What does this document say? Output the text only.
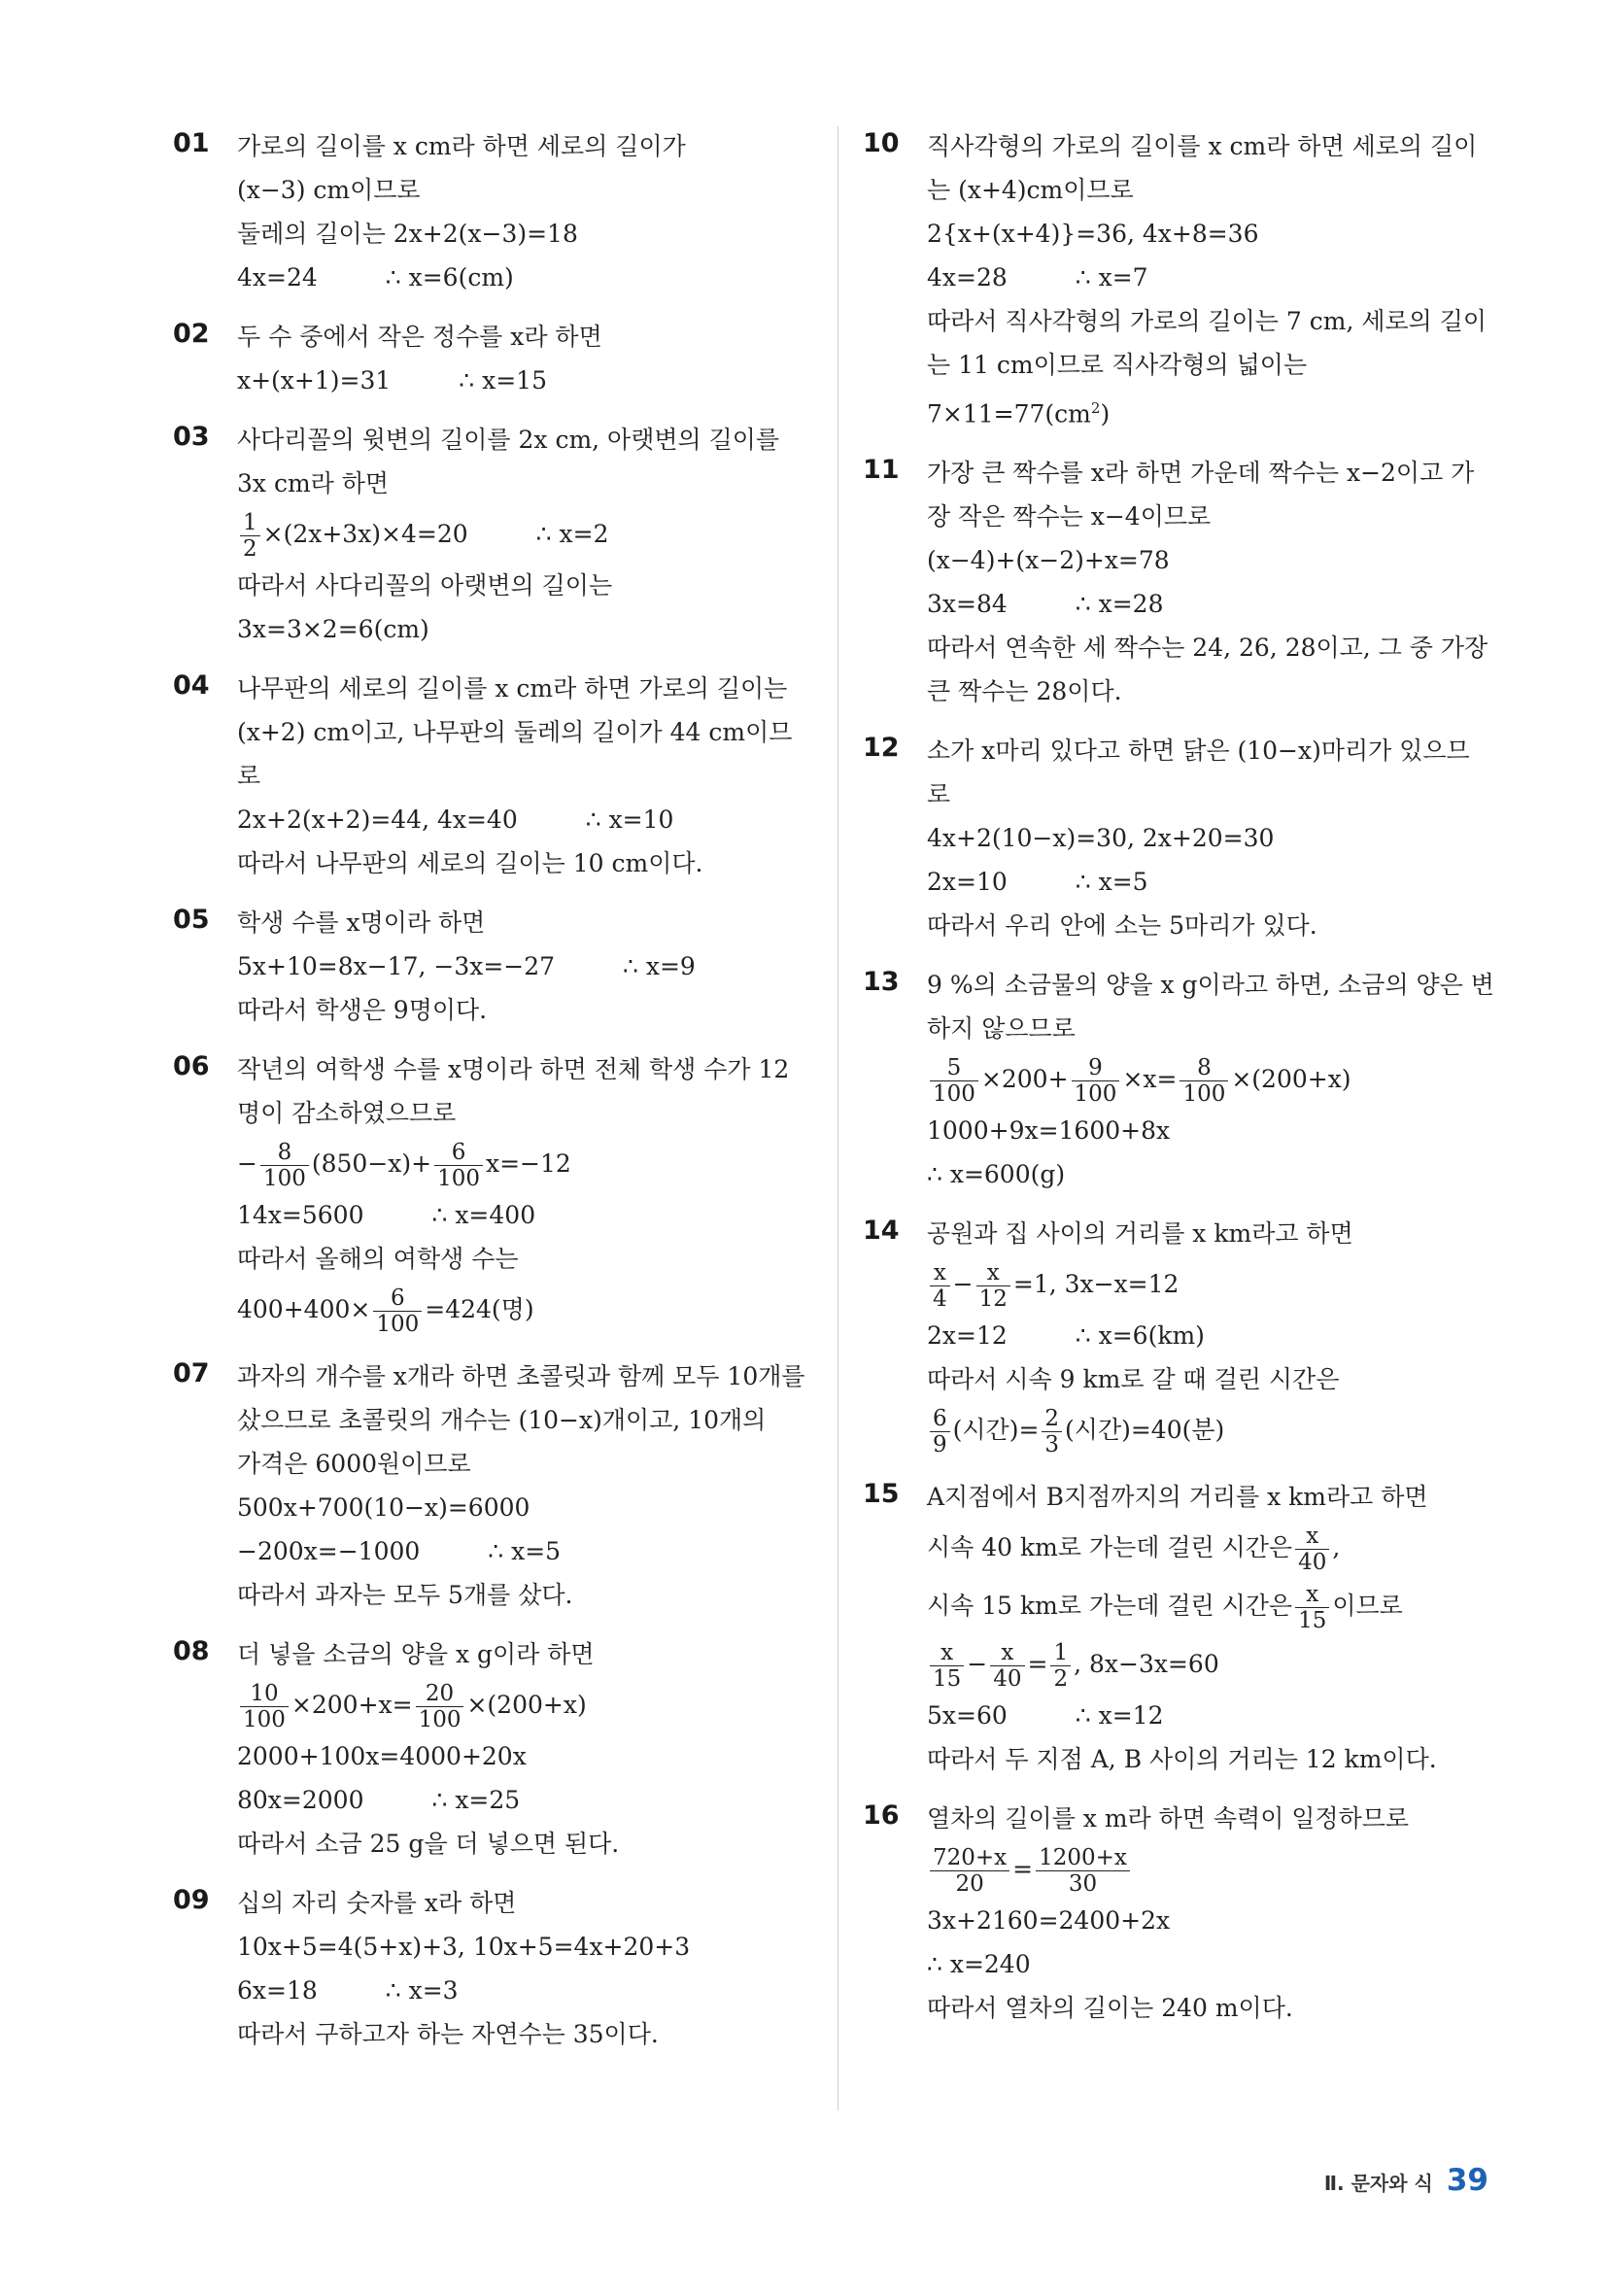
01 가로의 길이를 x cm라 하면 세로의 길이가
(x−3) cm이므로
둘레의 길이는 2x+2(x−3)=18
4x=24	∴ x=6(cm)
02 두 수 중에서 작은 정수를 x라 하면
x+(x+1)=31	∴ x=15
03 사다리꼴의 윗변의 길이를 2x cm, 아랫변의 길이를
3x cm라 하면
$\frac{1}{2} \times(2x+3x)\times 4=20$	∴ x=2
따라서 사다리꼴의 아랫변의 길이는
3x=3×2=6(cm)
04 나무판의 세로의 길이를 x cm라 하면 가로의 길이는
(x+2) cm이고, 나무판의 둘레의 길이가 44 cm이므
로
2x+2(x+2)=44, 4x=40	∴ x=10
따라서 나무판의 세로의 길이는 10 cm이다.
05 학생 수를 x명이라 하면
5x+10=8x−17, −3x=−27	∴ x=9
따라서 학생은 9명이다.
06 작년의 여학생 수를 x명이라 하면 전체 학생 수가 12
명이 감소하였으므로
− $\frac{8}{100} (850-x)+ \frac{6}{100} x=-12$
14x=5600	∴ x=400
따라서 올해의 여학생 수는
$400+400\times \frac{6}{100} =424$(명)
07 과자의 개수를 x개라 하면 초콜릿과 함께 모두 10개를
샀으므로 초콜릿의 개수는 (10−x)개이고, 10개의
가격은 6000원이므로
500x+700(10−x)=6000
−200x=−1000	∴ x=5
따라서 과자는 모두 5개를 샀다.
08 더 넣을 소금의 양을 x g이라 하면
$\frac{10}{100} \times 200+x= \frac{20}{100} \times(200+x)$
2000+100x=4000+20x
80x=2000	∴ x=25
따라서 소금 25 g을 더 넣으면 된다.
09 십의 자리 숫자를 x라 하면
10x+5=4(5+x)+3, 10x+5=4x+20+3
6x=18	∴ x=3
따라서 구하고자 하는 자연수는 35이다.
10 직사각형의 가로의 길이를 x cm라 하면 세로의 길이
는 (x+4)cm이므로
2{x+(x+4)}=36, 4x+8=36
4x=28	∴ x=7
따라서 직사각형의 가로의 길이는 7 cm, 세로의 길이
는 11 cm이므로 직사각형의 넓이는
$7\times 11=77(cm^2)$
11 가장 큰 짝수를 x라 하면 가운데 짝수는 x−2이고 가
장 작은 짝수는 x−4이므로
(x−4)+(x−2)+x=78
3x=84	∴ x=28
따라서 연속한 세 짝수는 24, 26, 28이고, 그 중 가장
큰 짝수는 28이다.
12 소가 x마리 있다고 하면 닭은 (10−x)마리가 있으므
로
4x+2(10−x)=30, 2x+20=30
2x=10	∴ x=5
따라서 우리 안에 소는 5마리가 있다.
13 9 %의 소금물의 양을 x g이라고 하면, 소금의 양은 변
하지 않으므로
$\frac{5}{100} \times 200+ \frac{9}{100} \times x= \frac{8}{100} \times(200+x)$
1000+9x=1600+8x
∴ x=600(g)
14 공원과 집 사이의 거리를 x km라고 하면
$\frac{x}{4} - \frac{x}{12} =1$, 3x−x=12
2x=12	∴ x=6(km)
따라서 시속 9 km로 갈 때 걸린 시간은
$\frac{6}{9}$ (시간)= $\frac{2}{3}$ (시간)=40(분)
15 A지점에서 B지점까지의 거리를 x km라고 하면
시속 40 km로 가는데 걸린 시간은 $\frac{x}{40}$ ,
시속 15 km로 가는데 걸린 시간은 $\frac{x}{15}$ 이므로
$\frac{x}{15} - \frac{x}{40} = \frac{1}{2}$ , 8x−3x=60
5x=60	∴ x=12
따라서 두 지점 A, B 사이의 거리는 12 km이다.
16 열차의 길이를 x m라 하면 속력이 일정하므로
$\frac{720+x}{20} = \frac{1200+x}{30}$
3x+2160=2400+2x
∴ x=240
따라서 열차의 길이는 240 m이다.
Ⅱ. 문자와 식 39
